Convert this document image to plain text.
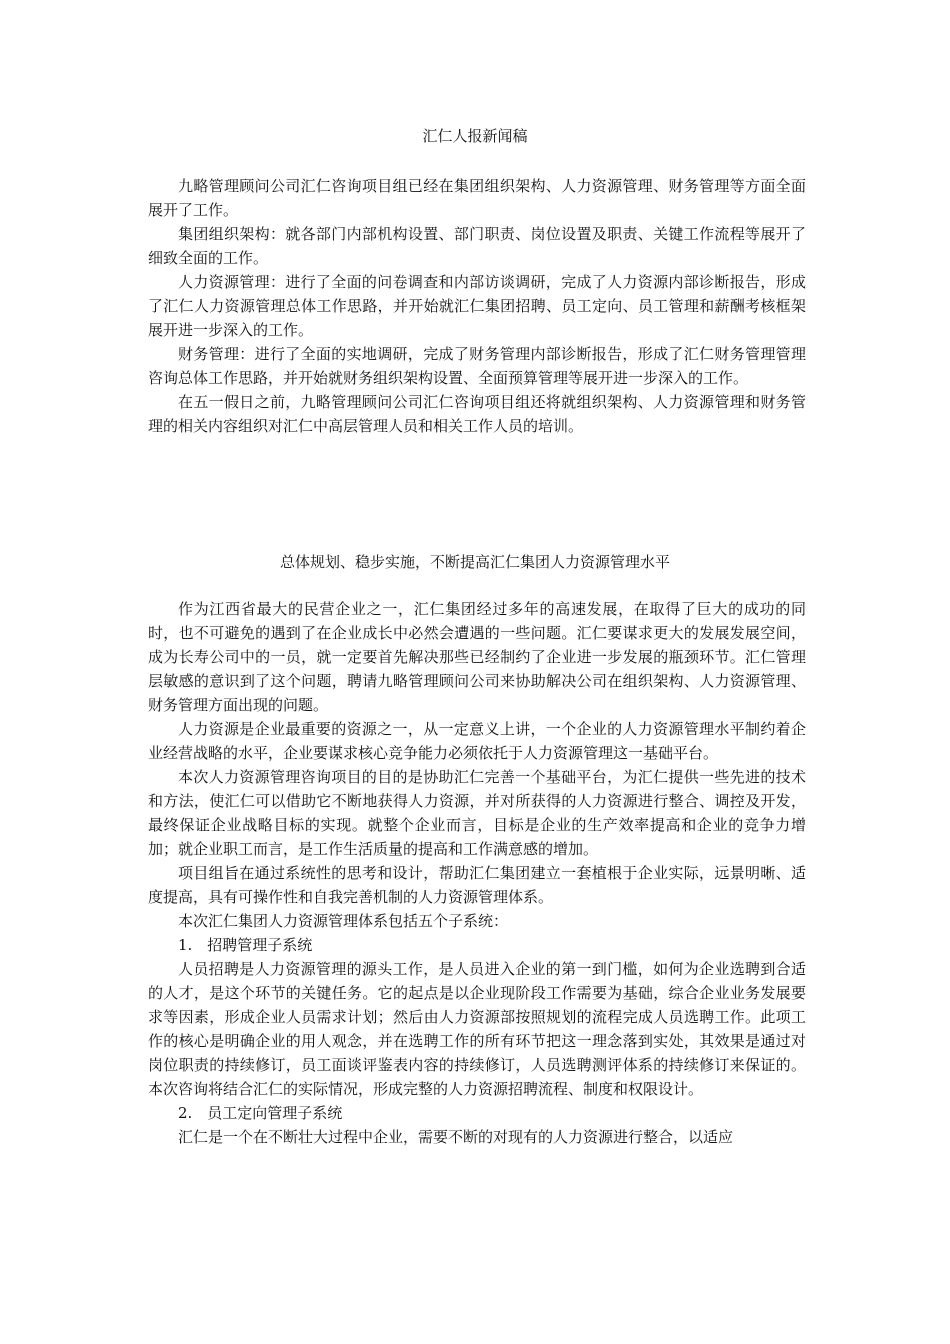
汇仁人报新闻稿

九略管理顾问公司汇仁咨询项目组已经在集团组织架构、人力资源管理、财务管理等方面全面展开了工作。

集团组织架构：就各部门内部机构设置、部门职责、岗位设置及职责、关键工作流程等展开了细致全面的工作。

人力资源管理：进行了全面的问卷调查和内部访谈调研，完成了人力资源内部诊断报告，形成了汇仁人力资源管理总体工作思路，并开始就汇仁集团招聘、员工定向、员工管理和薪酬考核框架展开进一步深入的工作。

财务管理：进行了全面的实地调研，完成了财务管理内部诊断报告，形成了汇仁财务管理管理咨询总体工作思路，并开始就财务组织架构设置、全面预算管理等展开进一步深入的工作。

在五一假日之前，九略管理顾问公司汇仁咨询项目组还将就组织架构、人力资源管理和财务管理的相关内容组织对汇仁中高层管理人员和相关工作人员的培训。

总体规划、稳步实施，不断提高汇仁集团人力资源管理水平

作为江西省最大的民营企业之一，汇仁集团经过多年的高速发展，在取得了巨大的成功的同时，也不可避免的遇到了在企业成长中必然会遭遇的一些问题。汇仁要谋求更大的发展发展空间，成为长寿公司中的一员，就一定要首先解决那些已经制约了企业进一步发展的瓶颈环节。汇仁管理层敏感的意识到了这个问题，聘请九略管理顾问公司来协助解决公司在组织架构、人力资源管理、财务管理方面出现的问题。

人力资源是企业最重要的资源之一，从一定意义上讲，一个企业的人力资源管理水平制约着企业经营战略的水平，企业要谋求核心竞争能力必须依托于人力资源管理这一基础平台。

本次人力资源管理咨询项目的目的是协助汇仁完善一个基础平台，为汇仁提供一些先进的技术和方法，使汇仁可以借助它不断地获得人力资源，并对所获得的人力资源进行整合、调控及开发，最终保证企业战略目标的实现。就整个企业而言，目标是企业的生产效率提高和企业的竞争力增加；就企业职工而言，是工作生活质量的提高和工作满意感的增加。

项目组旨在通过系统性的思考和设计，帮助汇仁集团建立一套植根于企业实际，远景明晰、适度提高，具有可操作性和自我完善机制的人力资源管理体系。

本次汇仁集团人力资源管理体系包括五个子系统：

1.　招聘管理子系统

人员招聘是人力资源管理的源头工作，是人员进入企业的第一到门槛，如何为企业选聘到合适的人才，是这个环节的关键任务。它的起点是以企业现阶段工作需要为基础，综合企业业务发展要求等因素，形成企业人员需求计划；然后由人力资源部按照规划的流程完成人员选聘工作。此项工作的核心是明确企业的用人观念，并在选聘工作的所有环节把这一理念落到实处，其效果是通过对岗位职责的持续修订，员工面谈评鉴表内容的持续修订，人员选聘测评体系的持续修订来保证的。本次咨询将结合汇仁的实际情况，形成完整的人力资源招聘流程、制度和权限设计。

2.　员工定向管理子系统

汇仁是一个在不断壮大过程中企业，需要不断的对现有的人力资源进行整合，以适应
